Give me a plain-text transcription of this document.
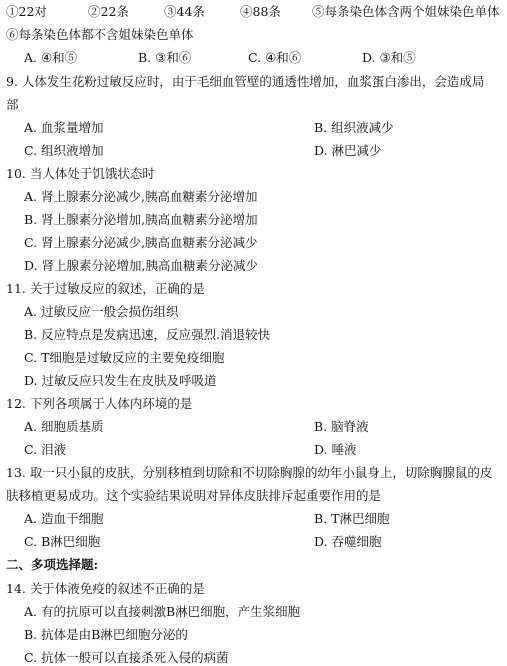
①22对	②22条	③44条	④88条 ⑤每条染色体含两个姐妹染色单体
⑥每条染色体都不含姐妹染色单体
A. ④和⑤	B. ③和⑥	C. ④和⑥	D. ③和⑤
9. 人体发生花粉过敏反应时，由于毛细血管壁的通透性增加，血浆蛋白渗出，会造成局
部
A. 血浆量增加	B. 组织液减少
C. 组织液增加	D. 淋巴减少
10. 当人体处于饥饿状态时
A. 肾上腺素分泌减少,胰高血糖素分泌增加
B. 肾上腺素分泌增加,胰高血糖素分泌增加
C. 肾上腺素分泌减少,胰高血糖素分泌减少
D. 肾上腺素分泌增加,胰高血糖素分泌减少
11. 关于过敏反应的叙述，正确的是
A. 过敏反应一般会损伤组织
B. 反应特点是发病迅速，反应强烈.消退较快
C. T细胞是过敏反应的主要免疫细胞
D. 过敏反应只发生在皮肤及呼吸道
12. 下列各项属于人体内环境的是
A. 细胞质基质	B. 脑脊液
C. 泪液	D. 唾液
13. 取一只小鼠的皮肤，分别移植到切除和不切除胸腺的幼年小鼠身上，切除胸腺鼠的皮
肤移植更易成功。这个实验结果说明对异体皮肤排斥起重要作用的是
A. 造血干细胞	B. T淋巴细胞
C. B淋巴细胞	D. 吞噬细胞
二、多项选择题:
14. 关于体液免疫的叙述不正确的是
A. 有的抗原可以直接刺激B淋巴细胞，产生浆细胞
B. 抗体是由B淋巴细胞分泌的
C. 抗体一般可以直接杀死入侵的病菌
